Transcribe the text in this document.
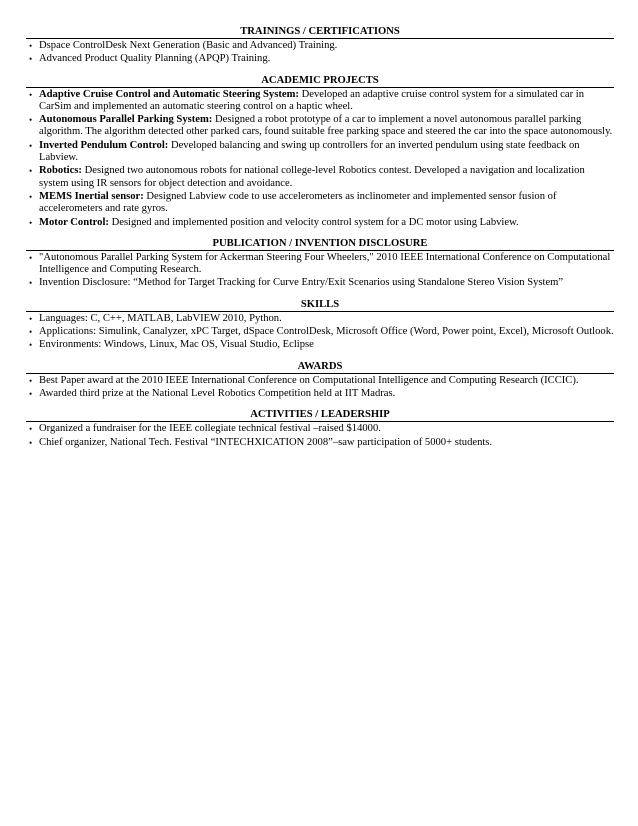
TRAININGS / CERTIFICATIONS
• Dspace ControlDesk Next Generation (Basic and Advanced) Training.
• Advanced Product Quality Planning (APQP) Training.
ACADEMIC PROJECTS
• Adaptive Cruise Control and Automatic Steering System: Developed an adaptive cruise control system for a simulated car in CarSim and implemented an automatic steering control on a haptic wheel.
• Autonomous Parallel Parking System: Designed a robot prototype of a car to implement a novel autonomous parallel parking algorithm. The algorithm detected other parked cars, found suitable free parking space and steered the car into the space autonomously.
• Inverted Pendulum Control: Developed balancing and swing up controllers for an inverted pendulum using state feedback on Labview.
• Robotics: Designed two autonomous robots for national college-level Robotics contest. Developed a navigation and localization system using IR sensors for object detection and avoidance.
• MEMS Inertial sensor: Designed Labview code to use accelerometers as inclinometer and implemented sensor fusion of accelerometers and rate gyros.
• Motor Control: Designed and implemented position and velocity control system for a DC motor using Labview.
PUBLICATION / INVENTION DISCLOSURE
• "Autonomous Parallel Parking System for Ackerman Steering Four Wheelers," 2010 IEEE International Conference on Computational Intelligence and Computing Research.
• Invention Disclosure: “Method for Target Tracking for Curve Entry/Exit Scenarios using Standalone Stereo Vision System”
SKILLS
• Languages: C, C++, MATLAB, LabVIEW 2010, Python.
• Applications: Simulink, Canalyzer, xPC Target, dSpace ControlDesk, Microsoft Office (Word, Power point, Excel), Microsoft Outlook.
• Environments: Windows, Linux, Mac OS, Visual Studio, Eclipse
AWARDS
• Best Paper award at the 2010 IEEE International Conference on Computational Intelligence and Computing Research (ICCIC).
• Awarded third prize at the National Level Robotics Competition held at IIT Madras.
ACTIVITIES / LEADERSHIP
• Organized a fundraiser for the IEEE collegiate technical festival –raised $14000.
• Chief organizer, National Tech. Festival “INTECHXICATION 2008”–saw participation of 5000+ students.
